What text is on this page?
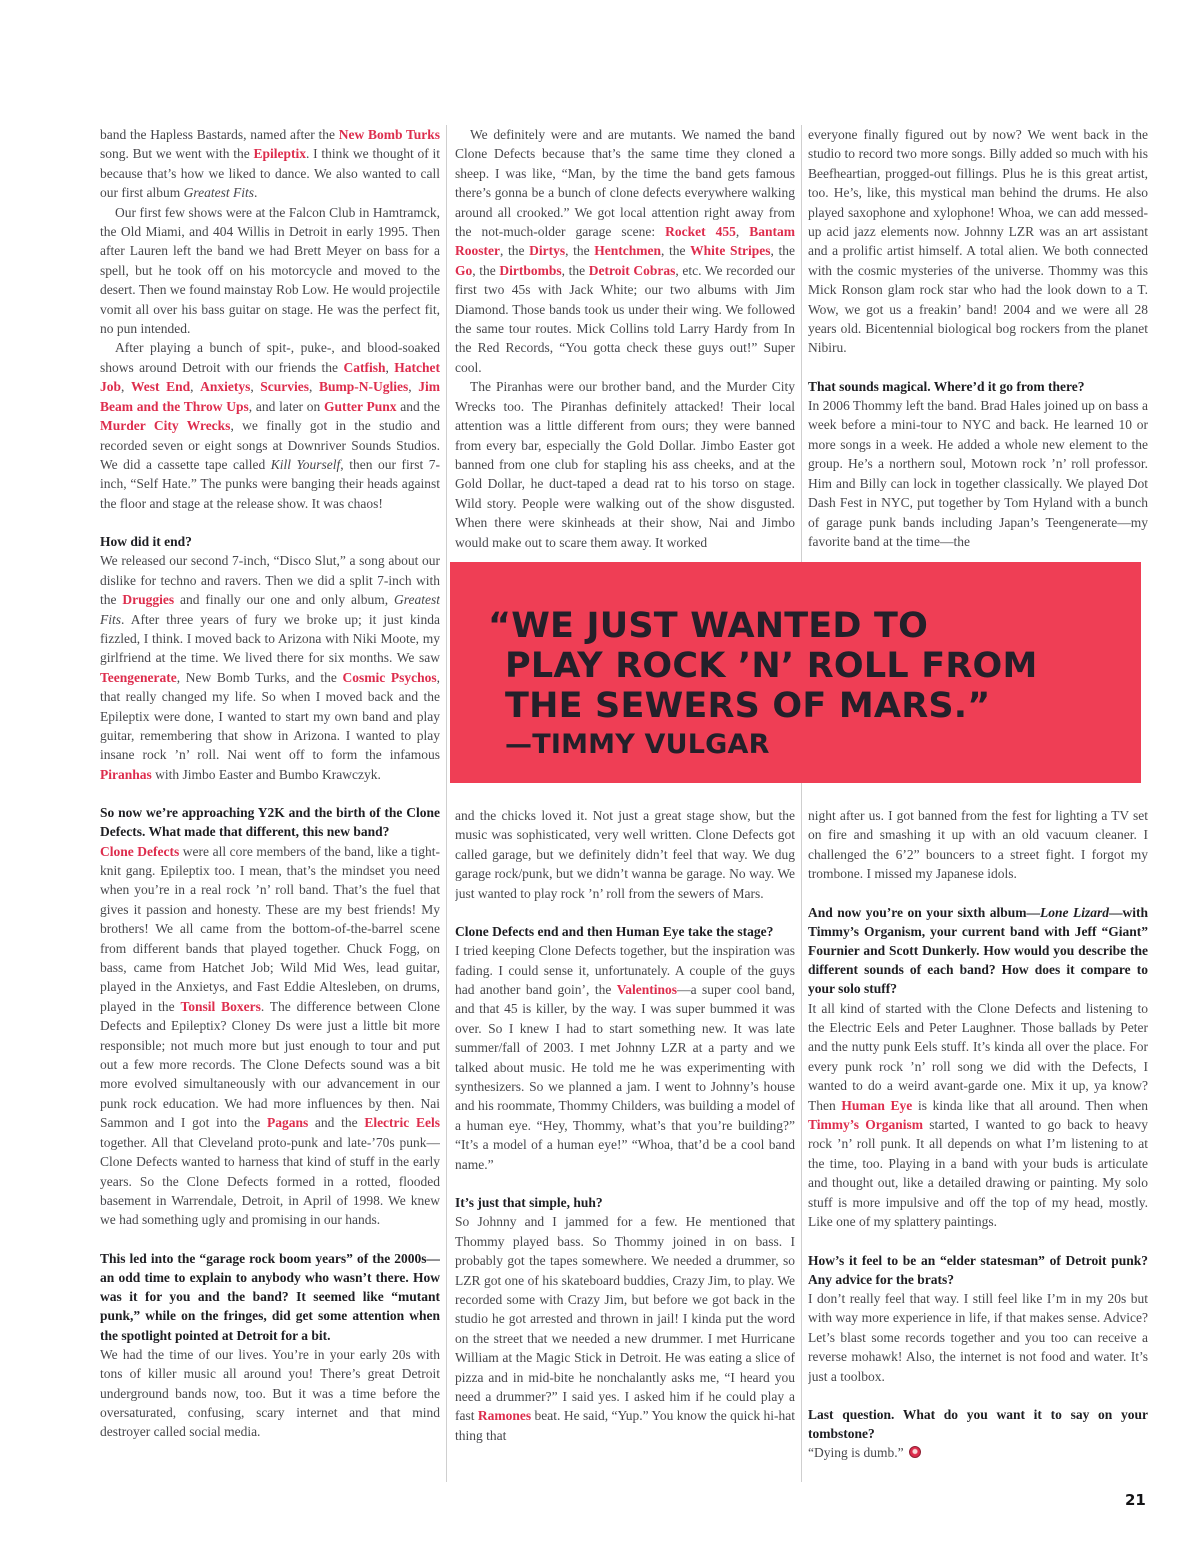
band the Hapless Bastards, named after the New Bomb Turks song. But we went with the Epileptix. I think we thought of it because that’s how we liked to dance. We also wanted to call our first album Greatest Fits.

Our first few shows were at the Falcon Club in Hamtramck, the Old Miami, and 404 Willis in Detroit in early 1995. Then after Lauren left the band we had Brett Meyer on bass for a spell, but he took off on his motorcycle and moved to the desert. Then we found mainstay Rob Low. He would projectile vomit all over his bass guitar on stage. He was the perfect fit, no pun intended.

After playing a bunch of spit-, puke-, and blood-soaked shows around Detroit with our friends the Catfish, Hatchet Job, West End, Anxietys, Scurvies, Bump-N-Uglies, Jim Beam and the Throw Ups, and later on Gutter Punx and the Murder City Wrecks, we finally got in the studio and recorded seven or eight songs at Downriver Sounds Studios. We did a cassette tape called Kill Yourself, then our first 7-inch, “Self Hate.” The punks were banging their heads against the floor and stage at the release show. It was chaos!

How did it end?

We released our second 7-inch, “Disco Slut,” a song about our dislike for techno and ravers. Then we did a split 7-inch with the Druggies and finally our one and only album, Greatest Fits. After three years of fury we broke up; it just kinda fizzled, I think. I moved back to Arizona with Niki Moote, my girlfriend at the time. We lived there for six months. We saw Teengenerate, New Bomb Turks, and the Cosmic Psychos, that really changed my life. So when I moved back and the Epileptix were done, I wanted to start my own band and play guitar, remembering that show in Arizona. I wanted to play insane rock ’n’ roll. Nai went off to form the infamous Piranhas with Jimbo Easter and Bumbo Krawczyk.

So now we’re approaching Y2K and the birth of the Clone Defects. What made that different, this new band?

Clone Defects were all core members of the band, like a tight-knit gang. Epileptix too. I mean, that’s the mindset you need when you’re in a real rock ’n’ roll band. That’s the fuel that gives it passion and honesty. These are my best friends! My brothers! We all came from the bottom-of-the-barrel scene from different bands that played together. Chuck Fogg, on bass, came from Hatchet Job; Wild Mid Wes, lead guitar, played in the Anxietys, and Fast Eddie Altesleben, on drums, played in the Tonsil Boxers. The difference between Clone Defects and Epileptix? Cloney Ds were just a little bit more responsible; not much more but just enough to tour and put out a few more records. The Clone Defects sound was a bit more evolved simultaneously with our advancement in our punk rock education. We had more influences by then. Nai Sammon and I got into the Pagans and the Electric Eels together. All that Cleveland proto-punk and late-’70s punk—Clone Defects wanted to harness that kind of stuff in the early years. So the Clone Defects formed in a rotted, flooded basement in Warrendale, Detroit, in April of 1998. We knew we had something ugly and promising in our hands.

This led into the “garage rock boom years” of the 2000s—an odd time to explain to anybody who wasn’t there. How was it for you and the band? It seemed like “mutant punk,” while on the fringes, did get some attention when the spotlight pointed at Detroit for a bit.

We had the time of our lives. You’re in your early 20s with tons of killer music all around you! There’s great Detroit underground bands now, too. But it was a time before the oversaturated, confusing, scary internet and that mind destroyer called social media.

We definitely were and are mutants. We named the band Clone Defects because that’s the same time they cloned a sheep. I was like, “Man, by the time the band gets famous there’s gonna be a bunch of clone defects everywhere walking around all crooked.” We got local attention right away from the not-much-older garage scene: Rocket 455, Bantam Rooster, the Dirtys, the Hentchmen, the White Stripes, the Go, the Dirtbombs, the Detroit Cobras, etc. We recorded our first two 45s with Jack White; our two albums with Jim Diamond. Those bands took us under their wing. We followed the same tour routes. Mick Collins told Larry Hardy from In the Red Records, “You gotta check these guys out!” Super cool.

The Piranhas were our brother band, and the Murder City Wrecks too. The Piranhas definitely attacked! Their local attention was a little different from ours; they were banned from every bar, especially the Gold Dollar. Jimbo Easter got banned from one club for stapling his ass cheeks, and at the Gold Dollar, he duct-taped a dead rat to his torso on stage. Wild story. People were walking out of the show disgusted. When there were skinheads at their show, Nai and Jimbo would make out to scare them away. It worked

everyone finally figured out by now? We went back in the studio to record two more songs. Billy added so much with his Beefheartian, progged-out fillings. Plus he is this great artist, too. He’s, like, this mystical man behind the drums. He also played saxophone and xylophone! Whoa, we can add messed-up acid jazz elements now. Johnny LZR was an art assistant and a prolific artist himself. A total alien. We both connected with the cosmic mysteries of the universe. Thommy was this Mick Ronson glam rock star who had the look down to a T. Wow, we got us a freakin’ band! 2004 and we were all 28 years old. Bicentennial biological bog rockers from the planet Nibiru.

That sounds magical. Where’d it go from there?

In 2006 Thommy left the band. Brad Hales joined up on bass a week before a mini-tour to NYC and back. He learned 10 or more songs in a week. He added a whole new element to the group. He’s a northern soul, Motown rock ’n’ roll professor. Him and Billy can lock in together classically. We played Dot Dash Fest in NYC, put together by Tom Hyland with a bunch of garage punk bands including Japan’s Teengenerate—my favorite band at the time—the

“WE JUST WANTED TO
PLAY ROCK ’N’ ROLL FROM
THE SEWERS OF MARS.”
—TIMMY VULGAR

and the chicks loved it. Not just a great stage show, but the music was sophisticated, very well written. Clone Defects got called garage, but we definitely didn’t feel that way. We dug garage rock/punk, but we didn’t wanna be garage. No way. We just wanted to play rock ’n’ roll from the sewers of Mars.

Clone Defects end and then Human Eye take the stage?

I tried keeping Clone Defects together, but the inspiration was fading. I could sense it, unfortunately. A couple of the guys had another band goin’, the Valentinos—a super cool band, and that 45 is killer, by the way. I was super bummed it was over. So I knew I had to start something new. It was late summer/fall of 2003. I met Johnny LZR at a party and we talked about music. He told me he was experimenting with synthesizers. So we planned a jam. I went to Johnny’s house and his roommate, Thommy Childers, was building a model of a human eye. “Hey, Thommy, what’s that you’re building?” “It’s a model of a human eye!” “Whoa, that’d be a cool band name.”

It’s just that simple, huh?

So Johnny and I jammed for a few. He mentioned that Thommy played bass. So Thommy joined in on bass. I probably got the tapes somewhere. We needed a drummer, so LZR got one of his skateboard buddies, Crazy Jim, to play. We recorded some with Crazy Jim, but before we got back in the studio he got arrested and thrown in jail! I kinda put the word on the street that we needed a new drummer. I met Hurricane William at the Magic Stick in Detroit. He was eating a slice of pizza and in mid-bite he nonchalantly asks me, “I heard you need a drummer?” I said yes. I asked him if he could play a fast Ramones beat. He said, “Yup.” You know the quick hi-hat thing that

night after us. I got banned from the fest for lighting a TV set on fire and smashing it up with an old vacuum cleaner. I challenged the 6’2” bouncers to a street fight. I forgot my trombone. I missed my Japanese idols.

And now you’re on your sixth album—Lone Lizard—with Timmy’s Organism, your current band with Jeff “Giant” Fournier and Scott Dunkerly. How would you describe the different sounds of each band? How does it compare to your solo stuff?

It all kind of started with the Clone Defects and listening to the Electric Eels and Peter Laughner. Those ballads by Peter and the nutty punk Eels stuff. It’s kinda all over the place. For every punk rock ’n’ roll song we did with the Defects, I wanted to do a weird avant-garde one. Mix it up, ya know? Then Human Eye is kinda like that all around. Then when Timmy’s Organism started, I wanted to go back to heavy rock ’n’ roll punk. It all depends on what I’m listening to at the time, too. Playing in a band with your buds is articulate and thought out, like a detailed drawing or painting. My solo stuff is more impulsive and off the top of my head, mostly. Like one of my splattery paintings.

How’s it feel to be an “elder statesman” of Detroit punk? Any advice for the brats?

I don’t really feel that way. I still feel like I’m in my 20s but with way more experience in life, if that makes sense. Advice? Let’s blast some records together and you too can receive a reverse mohawk! Also, the internet is not food and water. It’s just a toolbox.

Last question. What do you want it to say on your tombstone?

“Dying is dumb.”

21
